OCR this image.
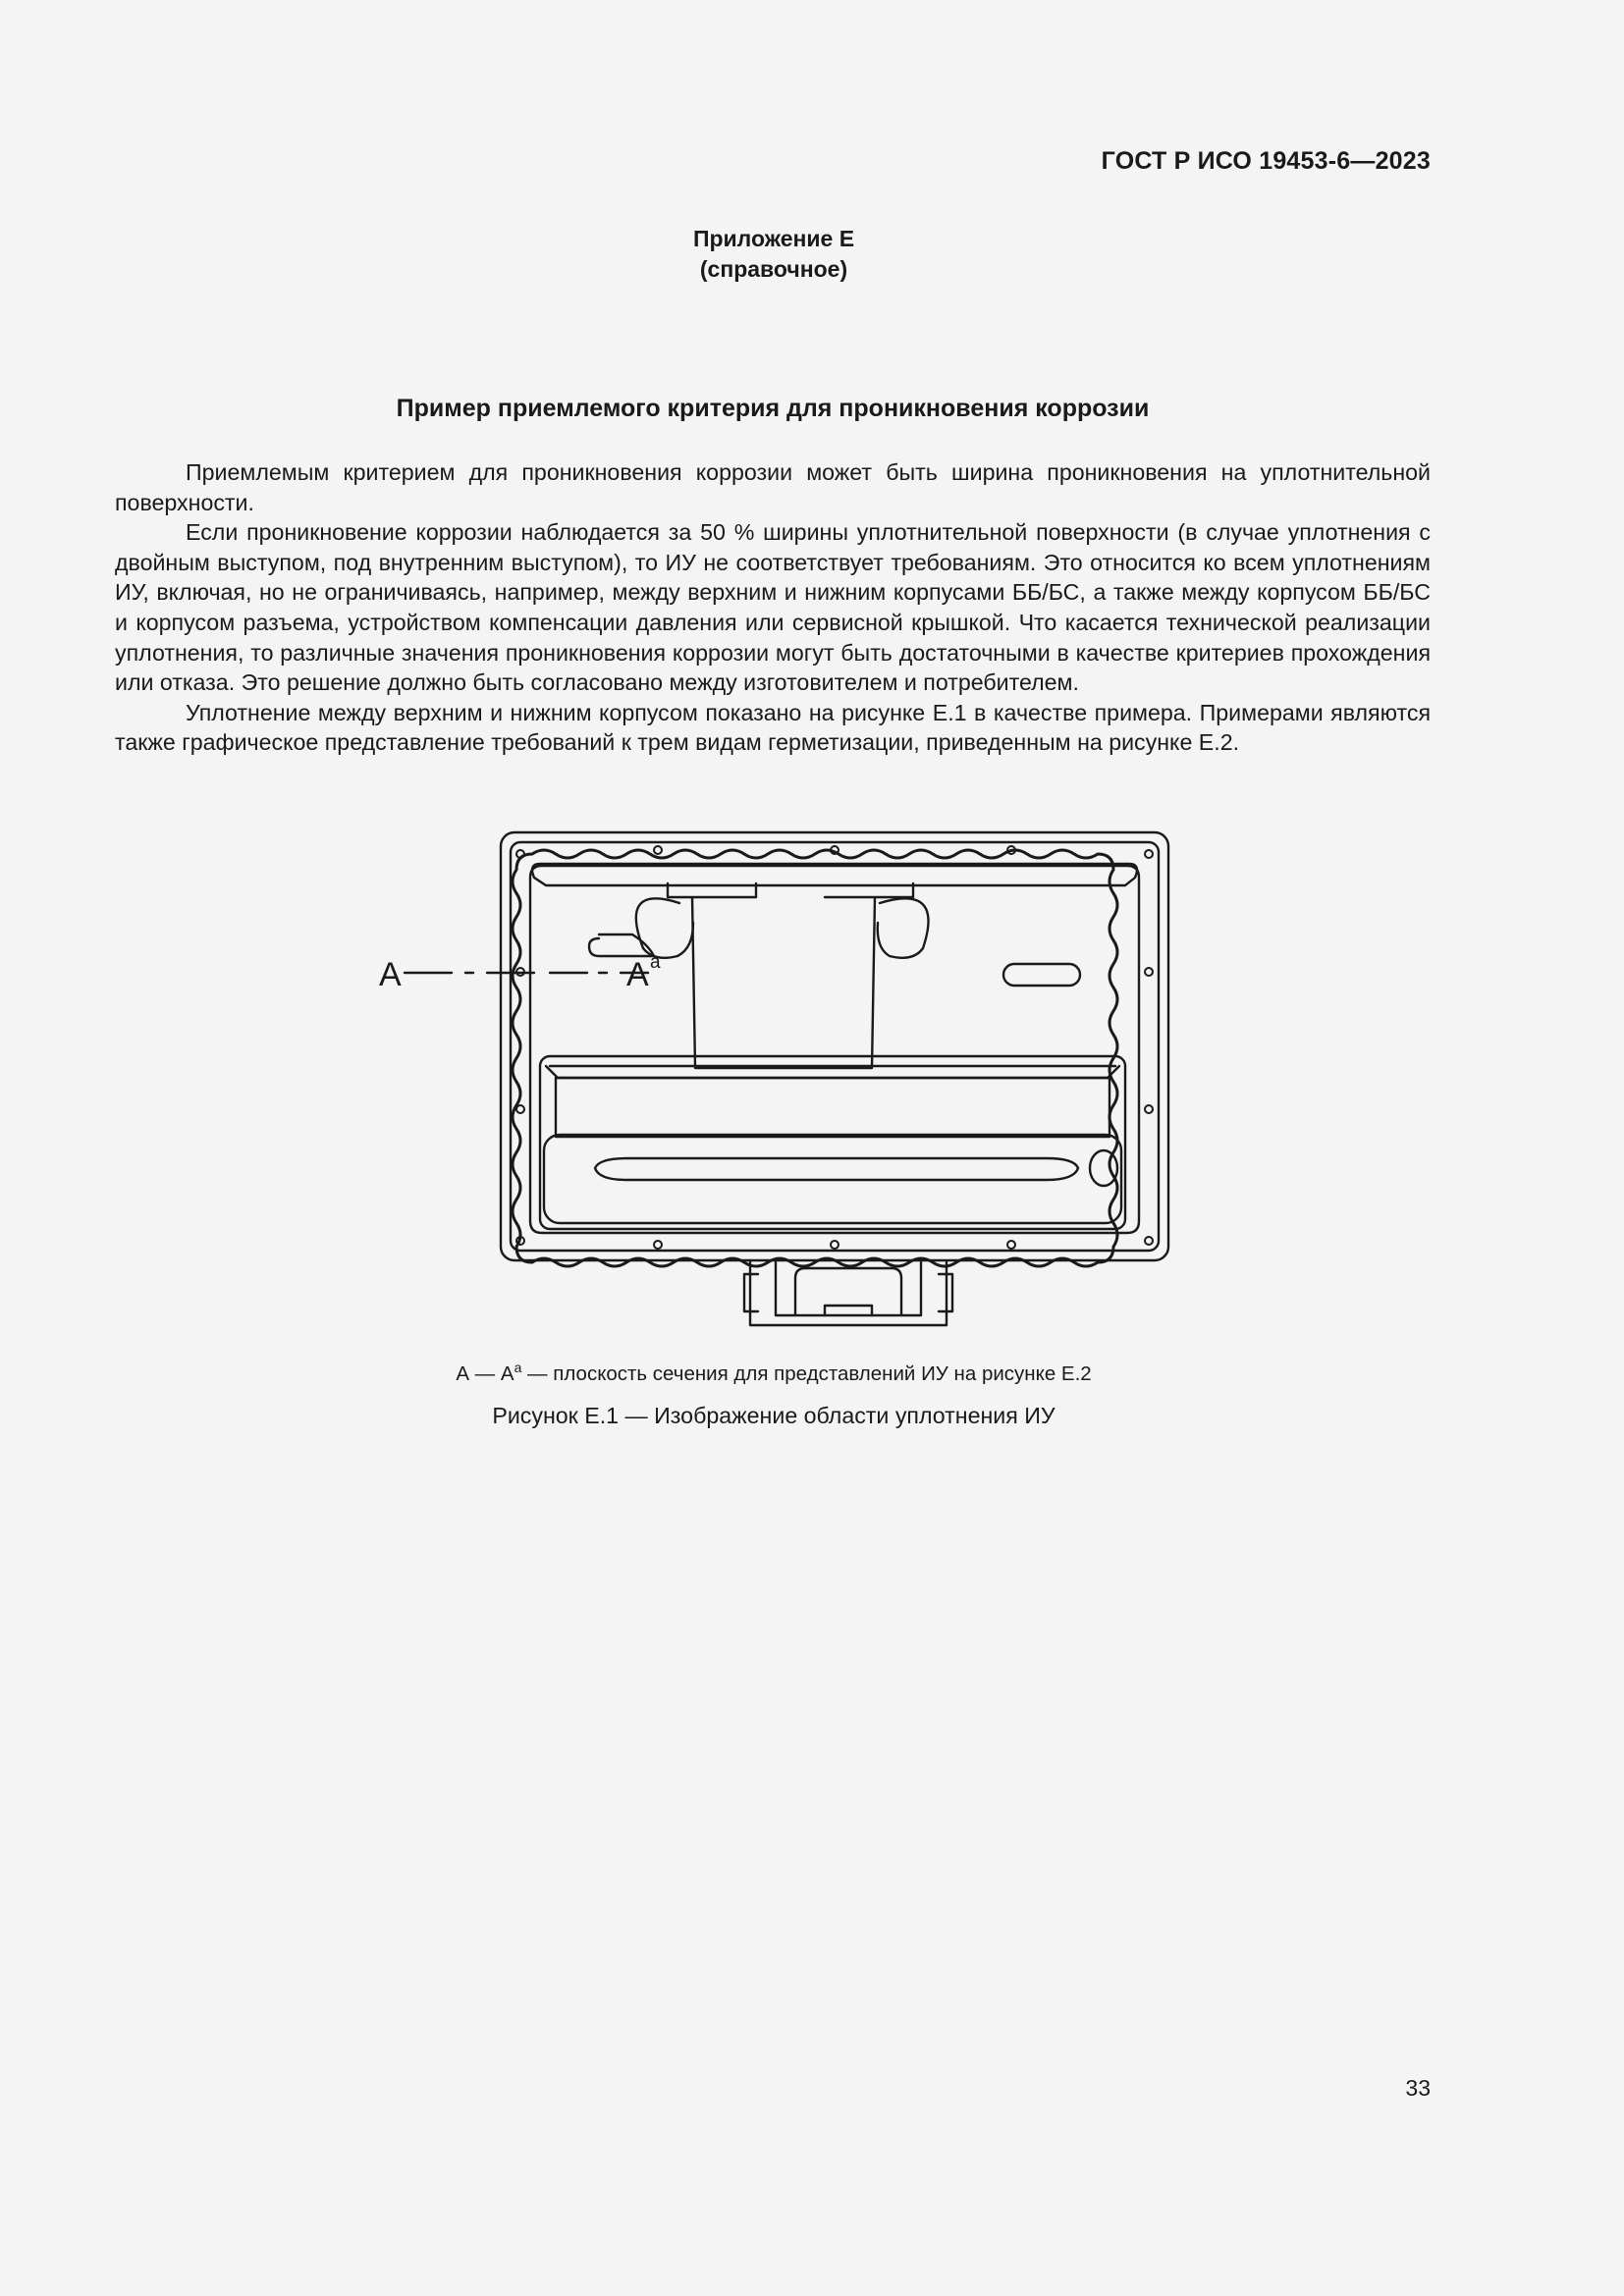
ГОСТ Р ИСО 19453-6—2023
Приложение Е
(справочное)
Пример приемлемого критерия для проникновения коррозии

Приемлемым критерием для проникновения коррозии может быть ширина проникновения на уплотнительной поверхности.

Если проникновение коррозии наблюдается за 50 % ширины уплотнительной поверхности (в случае уплотнения с двойным выступом, под внутренним выступом), то ИУ не соответствует требованиям. Это относится ко всем уплотнениям ИУ, включая, но не ограничиваясь, например, между верхним и нижним корпусами ББ/БС, а также между корпусом ББ/БС и корпусом разъема, устройством компенсации давления или сервисной крышкой. Что касается технической реализации уплотнения, то различные значения проникновения коррозии могут быть достаточными в качестве критериев прохождения или отказа. Это решение должно быть согласовано между изготовителем и потребителем.

Уплотнение между верхним и нижним корпусом показано на рисунке Е.1 в качестве примера. Примерами являются также графическое представление требований к трем видам герметизации, приведенным на рисунке Е.2.

A	A a
А — $А^а$ — плоскость сечения для представлений ИУ на рисунке Е.2
Рисунок Е.1 — Изображение области уплотнения ИУ
33
